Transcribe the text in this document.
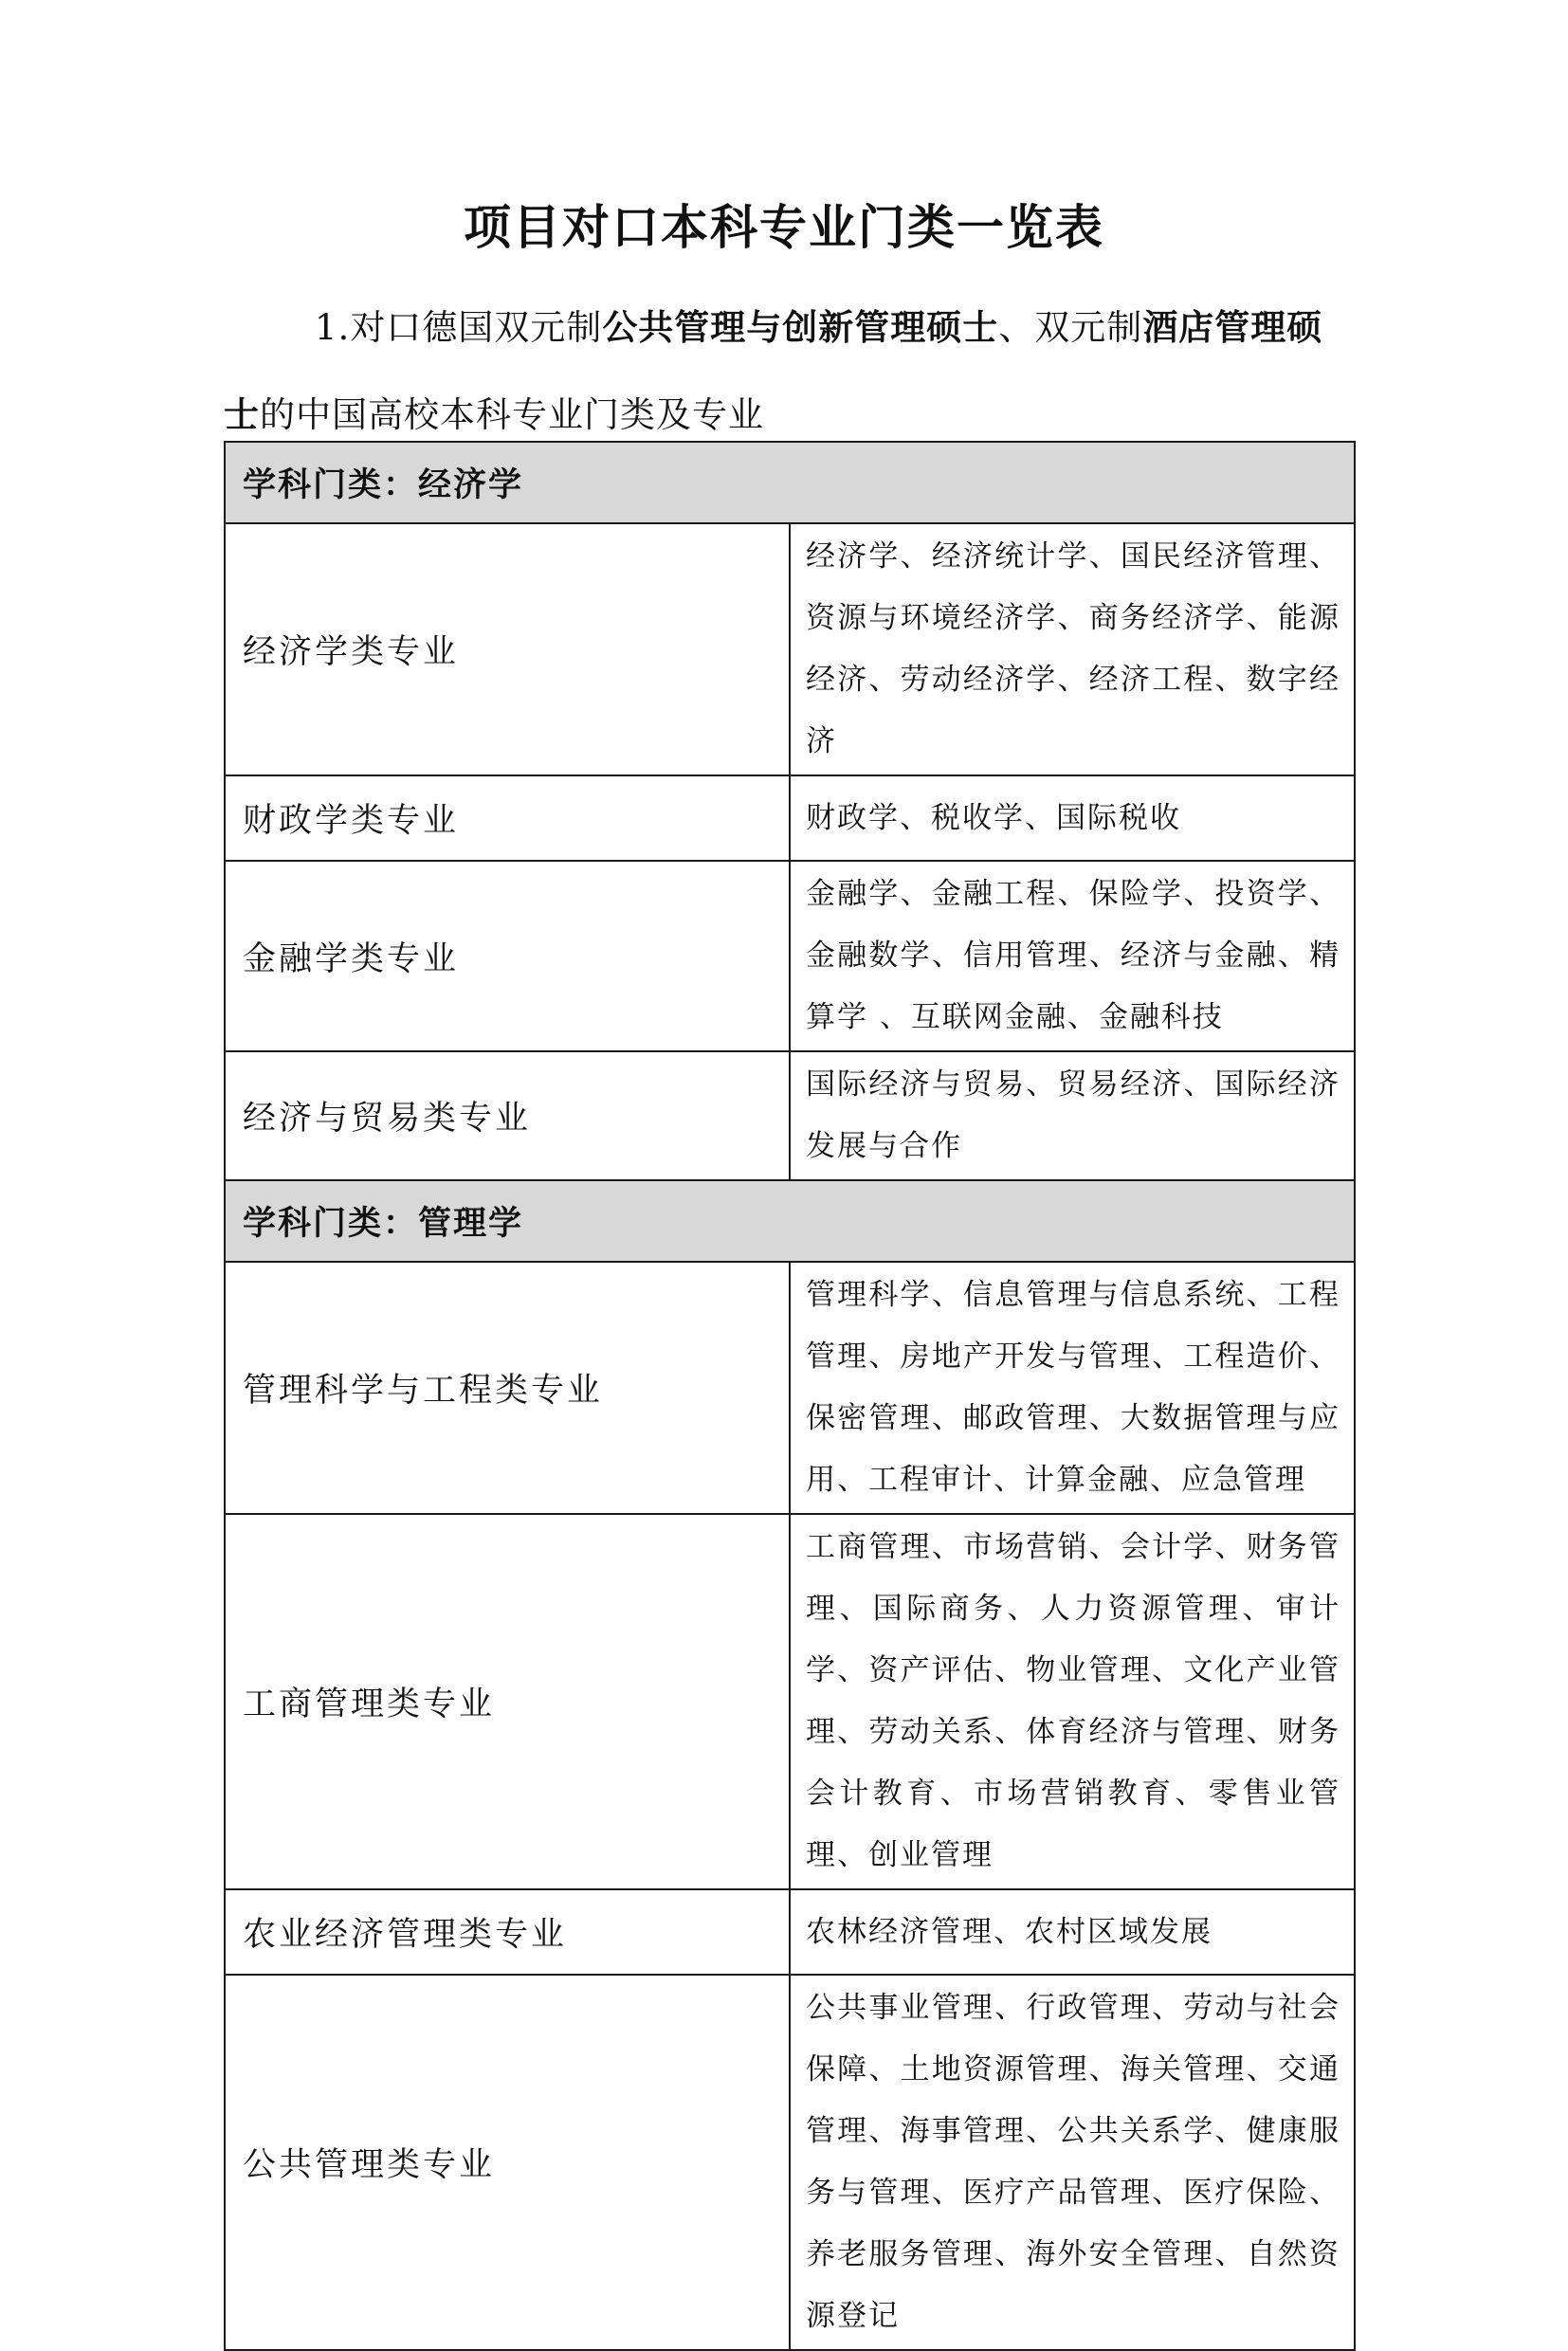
项目对口本科专业门类一览表
1.对口德国双元制公共管理与创新管理硕士、双元制酒店管理硕士的中国高校本科专业门类及专业
学科门类：经济学	
经济学类专业	经济学、经济统计学、国民经济管理、资源与环境经济学、商务经济学、能源经济、劳动经济学、经济工程、数字经济
财政学类专业	财政学、税收学、国际税收
金融学类专业	金融学、金融工程、保险学、投资学、金融数学、信用管理、经济与金融、精算学 、互联网金融、金融科技
经济与贸易类专业	国际经济与贸易、贸易经济、国际经济发展与合作
学科门类：管理学	
管理科学与工程类专业	管理科学、信息管理与信息系统、工程管理、房地产开发与管理、工程造价、保密管理、邮政管理、大数据管理与应用、工程审计、计算金融、应急管理
工商管理类专业	工商管理、市场营销、会计学、财务管理、国际商务、人力资源管理、审计学、资产评估、物业管理、文化产业管理、劳动关系、体育经济与管理、财务会计教育、市场营销教育、零售业管理、创业管理
农业经济管理类专业	农林经济管理、农村区域发展
公共管理类专业	公共事业管理、行政管理、劳动与社会保障、土地资源管理、海关管理、交通管理、海事管理、公共关系学、健康服务与管理、医疗产品管理、医疗保险、养老服务管理、海外安全管理、自然资源登记
